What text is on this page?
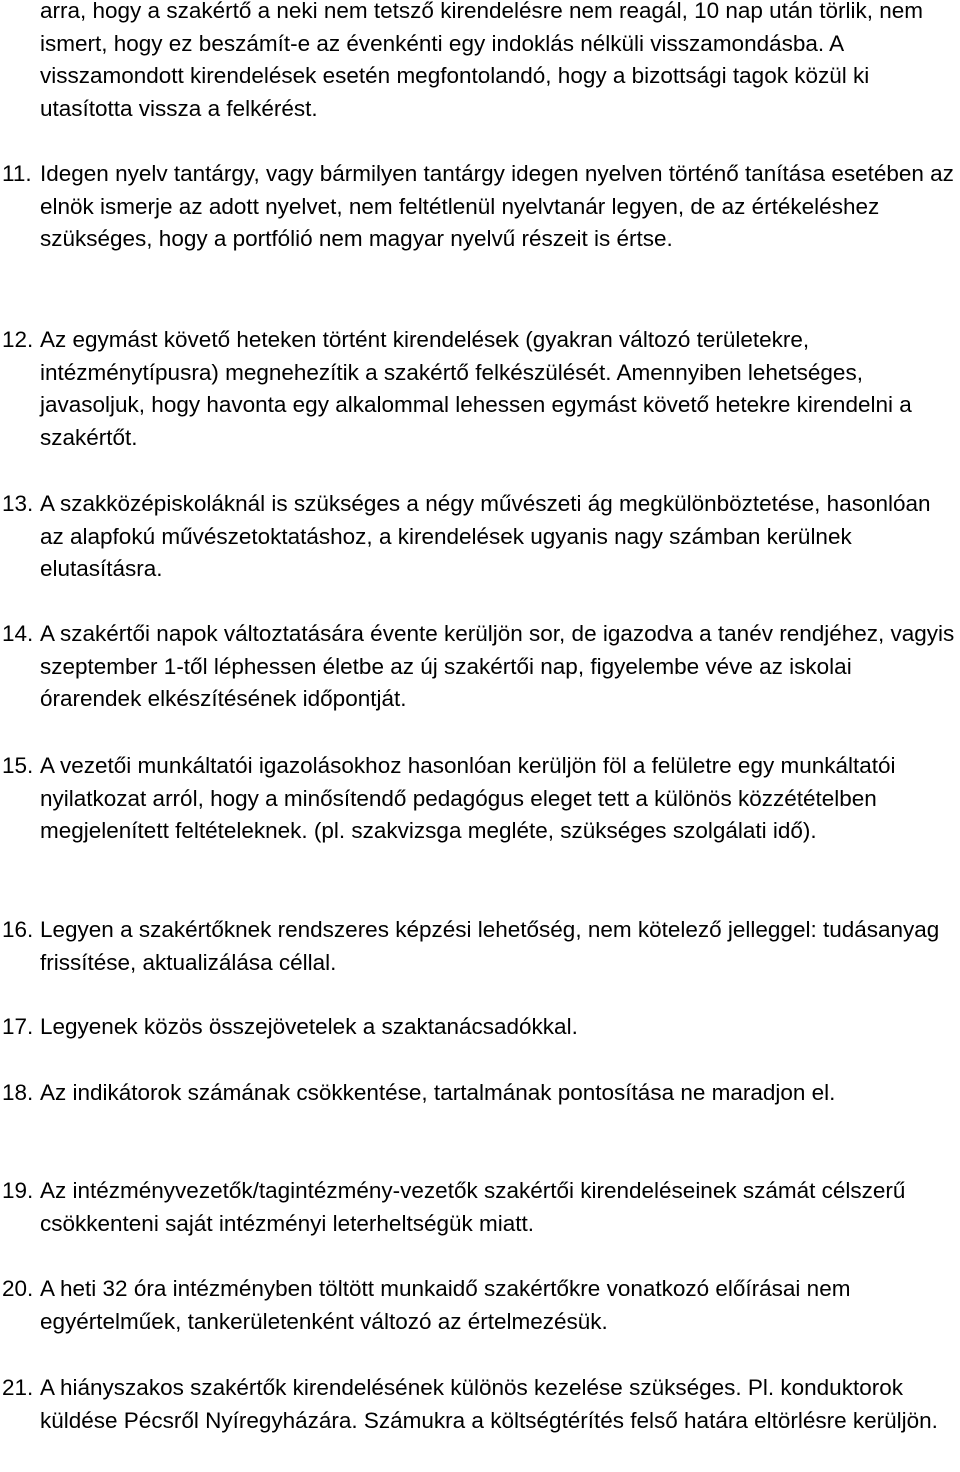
arra, hogy a szakértő a neki nem tetsző kirendelésre nem reagál, 10 nap után törlik, nem ismert, hogy ez beszámít-e az évenkénti egy indoklás nélküli visszamondásba. A visszamondott kirendelések esetén megfontolandó, hogy a bizottsági tagok közül ki utasította vissza a felkérést.

11. Idegen nyelv tantárgy, vagy bármilyen tantárgy idegen nyelven történő tanítása esetében az elnök ismerje az adott nyelvet, nem feltétlenül nyelvtanár legyen, de az értékeléshez szükséges, hogy a portfólió nem magyar nyelvű részeit is értse.
12. Az egymást követő heteken történt kirendelések (gyakran változó területekre, intézménytípusra) megnehezítik a szakértő felkészülését. Amennyiben lehetséges, javasoljuk, hogy havonta egy alkalommal lehessen egymást követő hetekre kirendelni a szakértőt.
13. A szakközépiskoláknál is szükséges a négy művészeti ág megkülönböztetése, hasonlóan az alapfokú művészetoktatáshoz, a kirendelések ugyanis nagy számban kerülnek elutasításra.
14. A szakértői napok változtatására évente kerüljön sor, de igazodva a tanév rendjéhez, vagyis szeptember 1-től léphessen életbe az új szakértői nap, figyelembe véve az iskolai órarendek elkészítésének időpontját.
15. A vezetői munkáltatói igazolásokhoz hasonlóan kerüljön föl a felületre egy munkáltatói nyilatkozat arról, hogy a minősítendő pedagógus eleget tett a különös közzétételben megjelenített feltételeknek. (pl. szakvizsga megléte, szükséges szolgálati idő).
16. Legyen a szakértőknek rendszeres képzési lehetőség, nem kötelező jelleggel: tudásanyag frissítése, aktualizálása céllal.
17. Legyenek közös összejövetelek a szaktanácsadókkal.
18. Az indikátorok számának csökkentése, tartalmának pontosítása ne maradjon el.
19. Az intézményvezetők/tagintézmény-vezetők szakértői kirendeléseinek számát célszerű csökkenteni saját intézményi leterheltségük miatt.
20. A heti 32 óra intézményben töltött munkaidő szakértőkre vonatkozó előírásai nem egyértelműek, tankerületenként változó az értelmezésük.
21. A hiányszakos szakértők kirendelésének különös kezelése szükséges. Pl. konduktorok küldése Pécsről Nyíregyházára. Számukra a költségtérítés felső határa eltörlésre kerüljön.
